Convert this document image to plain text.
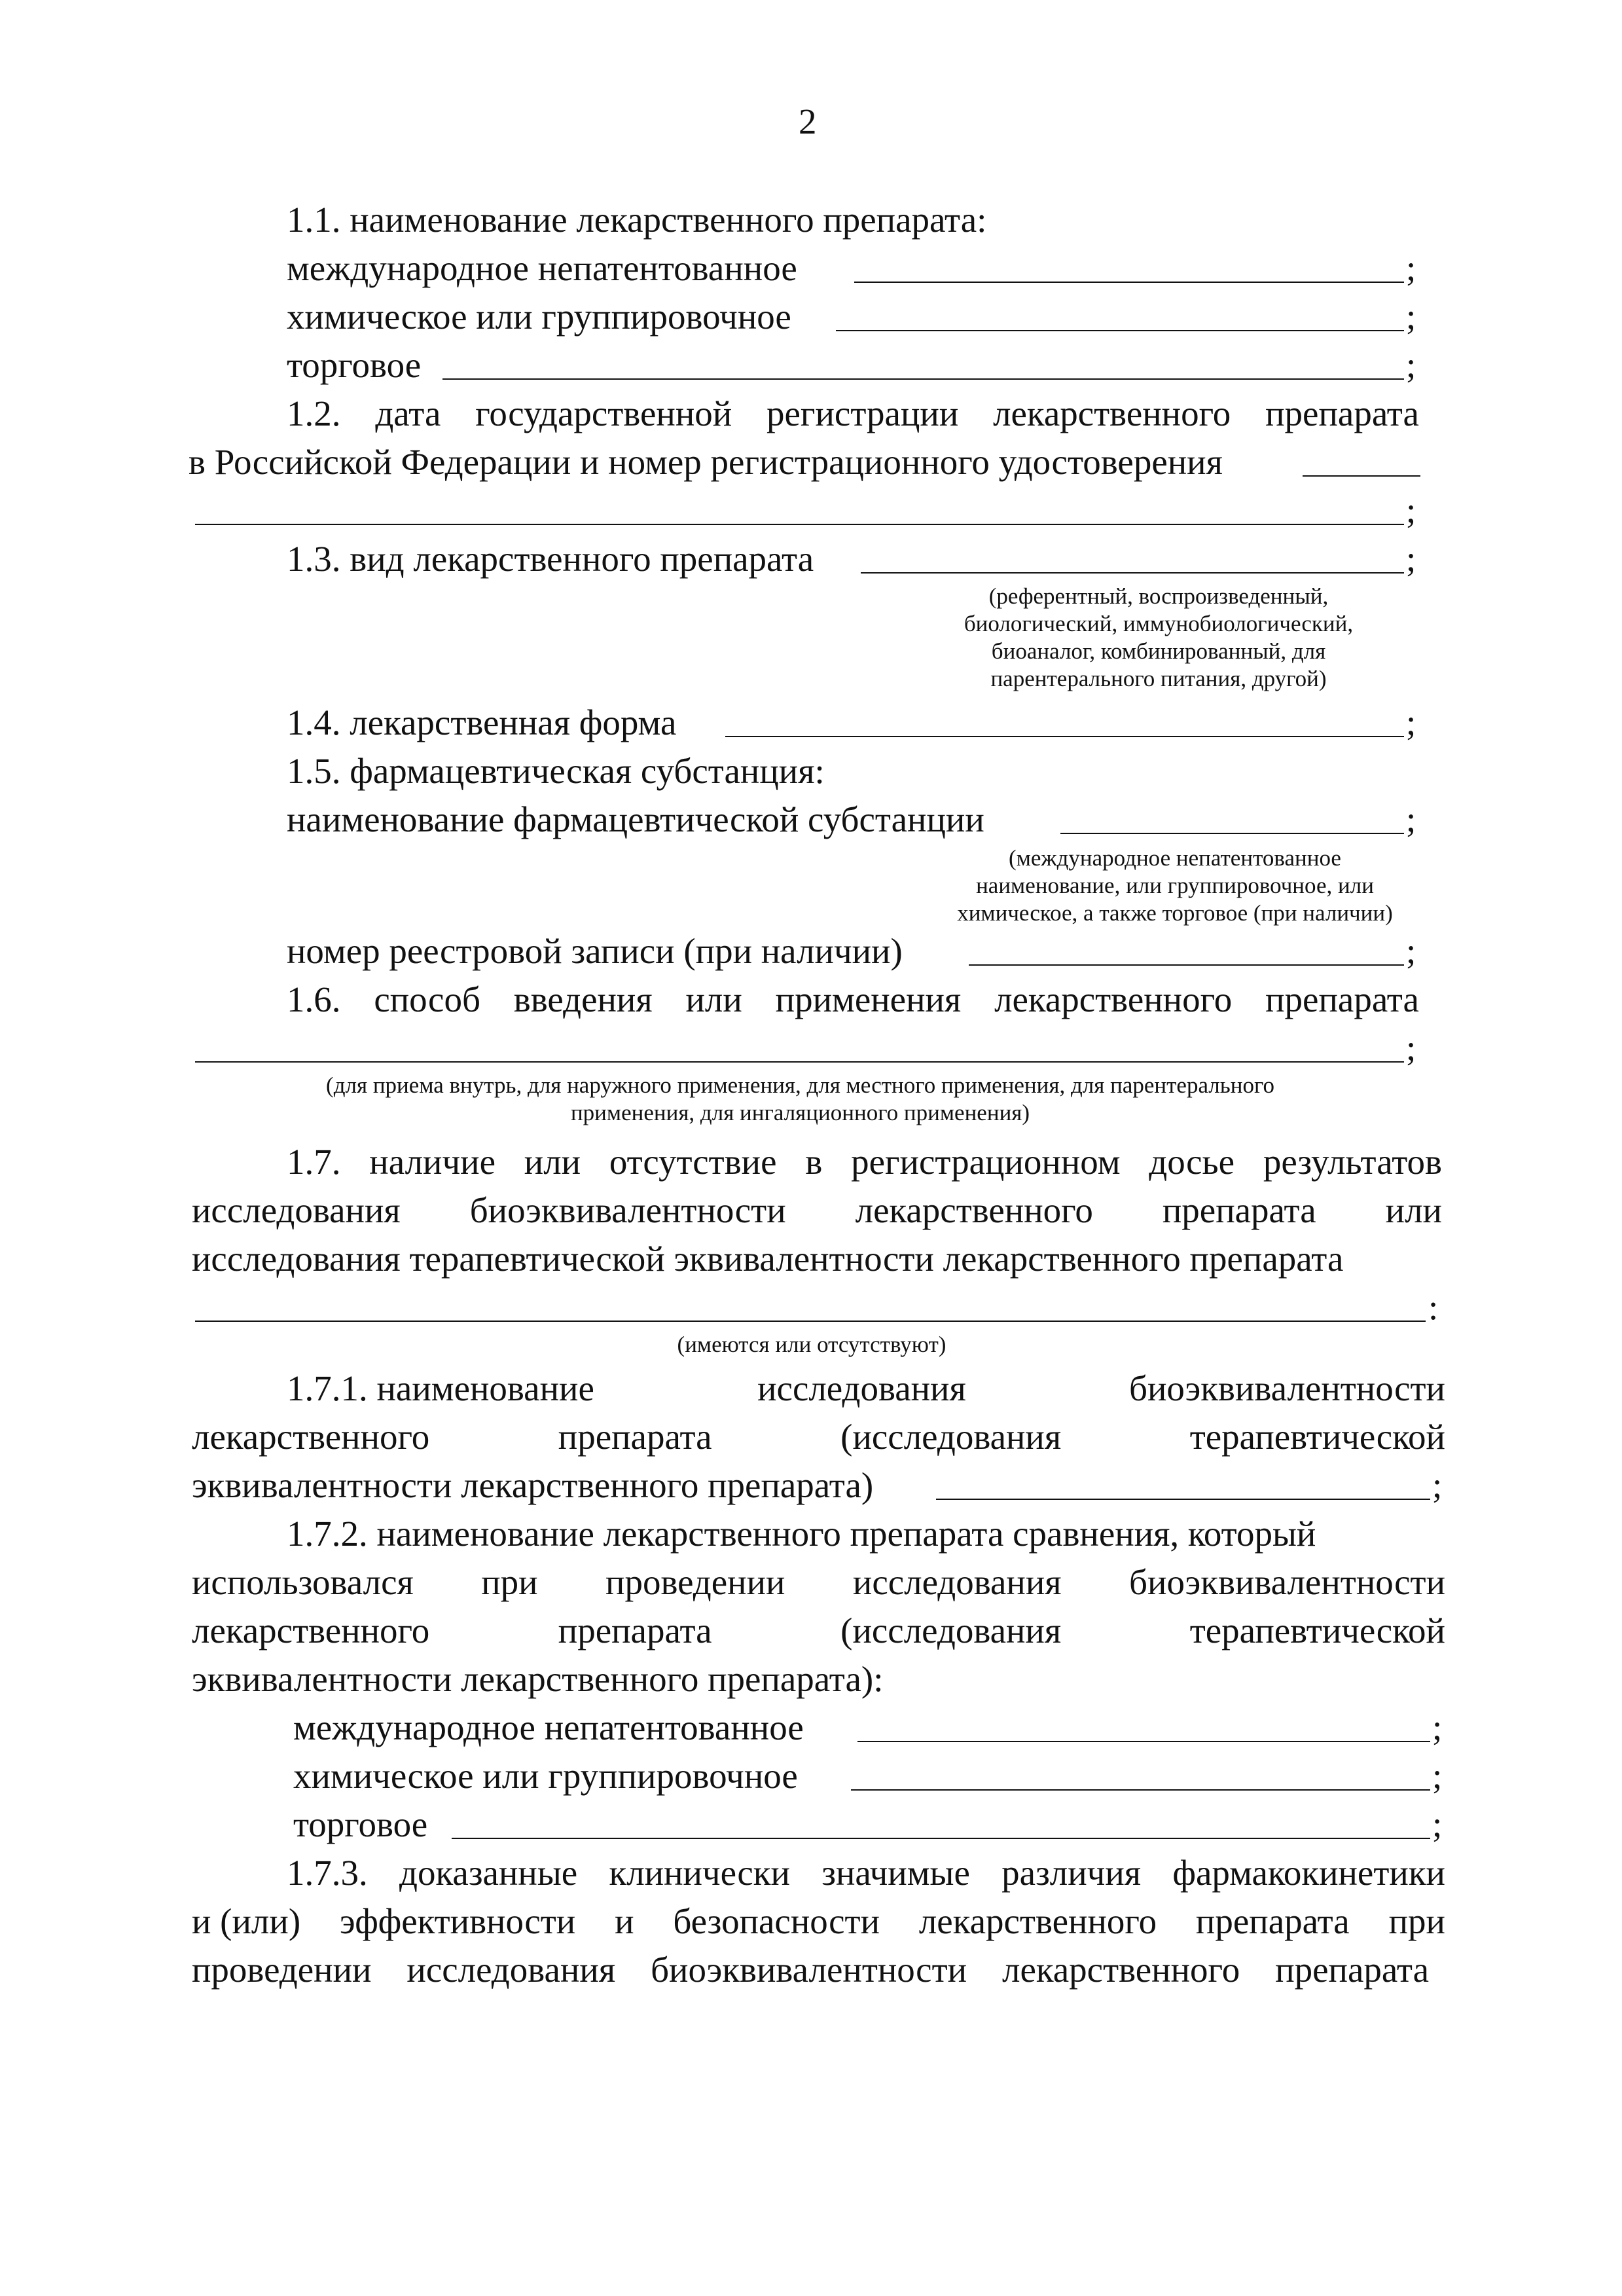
2
1.1. наименование лекарственного препарата:
международное непатентованное	;
химическое или группировочное	;
торговое	;
1.2. дата государственной регистрации лекарственного препарата
в Российской Федерации и номер регистрационного удостоверения
;
1.3. вид лекарственного препарата	;
(референтный, воспроизведенный,
биологический, иммунобиологический,
биоаналог, комбинированный, для
парентерального питания, другой)
1.4. лекарственная форма	;
1.5. фармацевтическая субстанция:
наименование фармацевтической субстанции	;
(международное непатентованное
наименование, или группировочное, или
химическое, а также торговое (при наличии)
номер реестровой записи (при наличии)	;
1.6. способ введения или применения лекарственного препарата
;
(для приема внутрь, для наружного применения, для местного применения, для парентерального
применения, для ингаляционного применения)
1.7. наличие или отсутствие в регистрационном досье результатов
исследования биоэквивалентности лекарственного препарата или
исследования терапевтической эквивалентности лекарственного препарата
:
(имеются или отсутствуют)
1.7.1. наименование	исследования	биоэквивалентности
лекарственного	препарата	(исследования	терапевтической
эквивалентности лекарственного препарата)	;
1.7.2. наименование лекарственного препарата сравнения, который
использовался при проведении исследования биоэквивалентности
лекарственного	препарата	(исследования	терапевтической
эквивалентности лекарственного препарата):
международное непатентованное	;
химическое или группировочное	;
торговое	;
1.7.3. доказанные клинически значимые различия фармакокинетики
и (или) эффективности и безопасности лекарственного препарата при
проведении исследования биоэквивалентности лекарственного препарата
